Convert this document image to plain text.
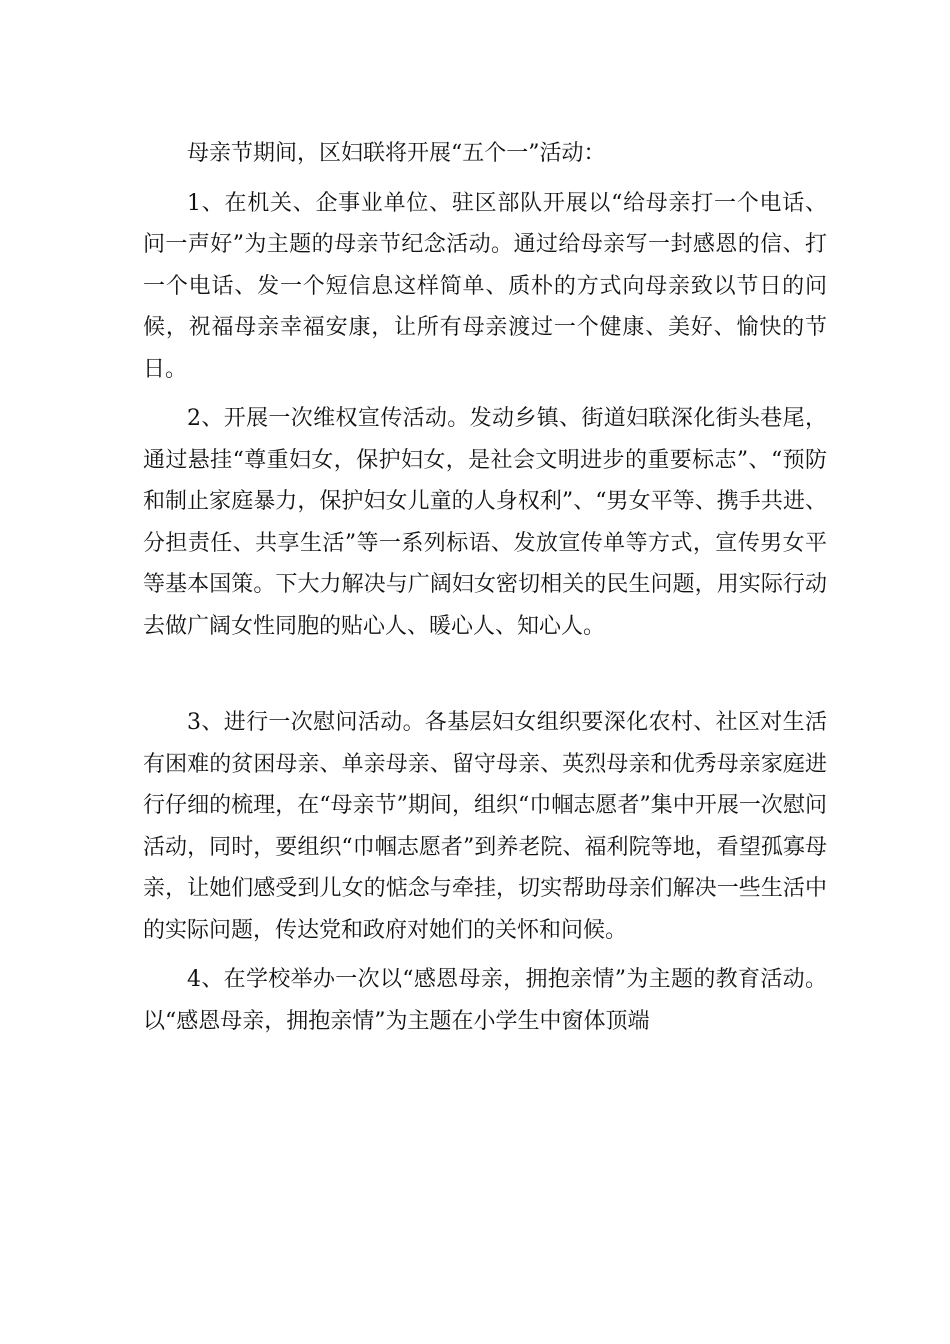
母亲节期间，区妇联将开展“五个一”活动：

1、在机关、企事业单位、驻区部队开展以“给母亲打一个电话、问一声好”为主题的母亲节纪念活动。通过给母亲写一封感恩的信、打一个电话、发一个短信息这样简单、质朴的方式向母亲致以节日的问候，祝福母亲幸福安康，让所有母亲渡过一个健康、美好、愉快的节日。

2、开展一次维权宣传活动。发动乡镇、街道妇联深化街头巷尾，通过悬挂“尊重妇女，保护妇女，是社会文明进步的重要标志”、“预防和制止家庭暴力，保护妇女儿童的人身权利”、“男女平等、携手共进、分担责任、共享生活”等一系列标语、发放宣传单等方式，宣传男女平等基本国策。下大力解决与广阔妇女密切相关的民生问题，用实际行动去做广阔女性同胞的贴心人、暖心人、知心人。

3、进行一次慰问活动。各基层妇女组织要深化农村、社区对生活有困难的贫困母亲、单亲母亲、留守母亲、英烈母亲和优秀母亲家庭进行仔细的梳理，在“母亲节”期间，组织“巾帼志愿者”集中开展一次慰问活动，同时，要组织“巾帼志愿者”到养老院、福利院等地，看望孤寡母亲，让她们感受到儿女的惦念与牵挂，切实帮助母亲们解决一些生活中的实际问题，传达党和政府对她们的关怀和问候。

4、在学校举办一次以“感恩母亲，拥抱亲情”为主题的教育活动。以“感恩母亲，拥抱亲情”为主题在小学生中窗体顶端
